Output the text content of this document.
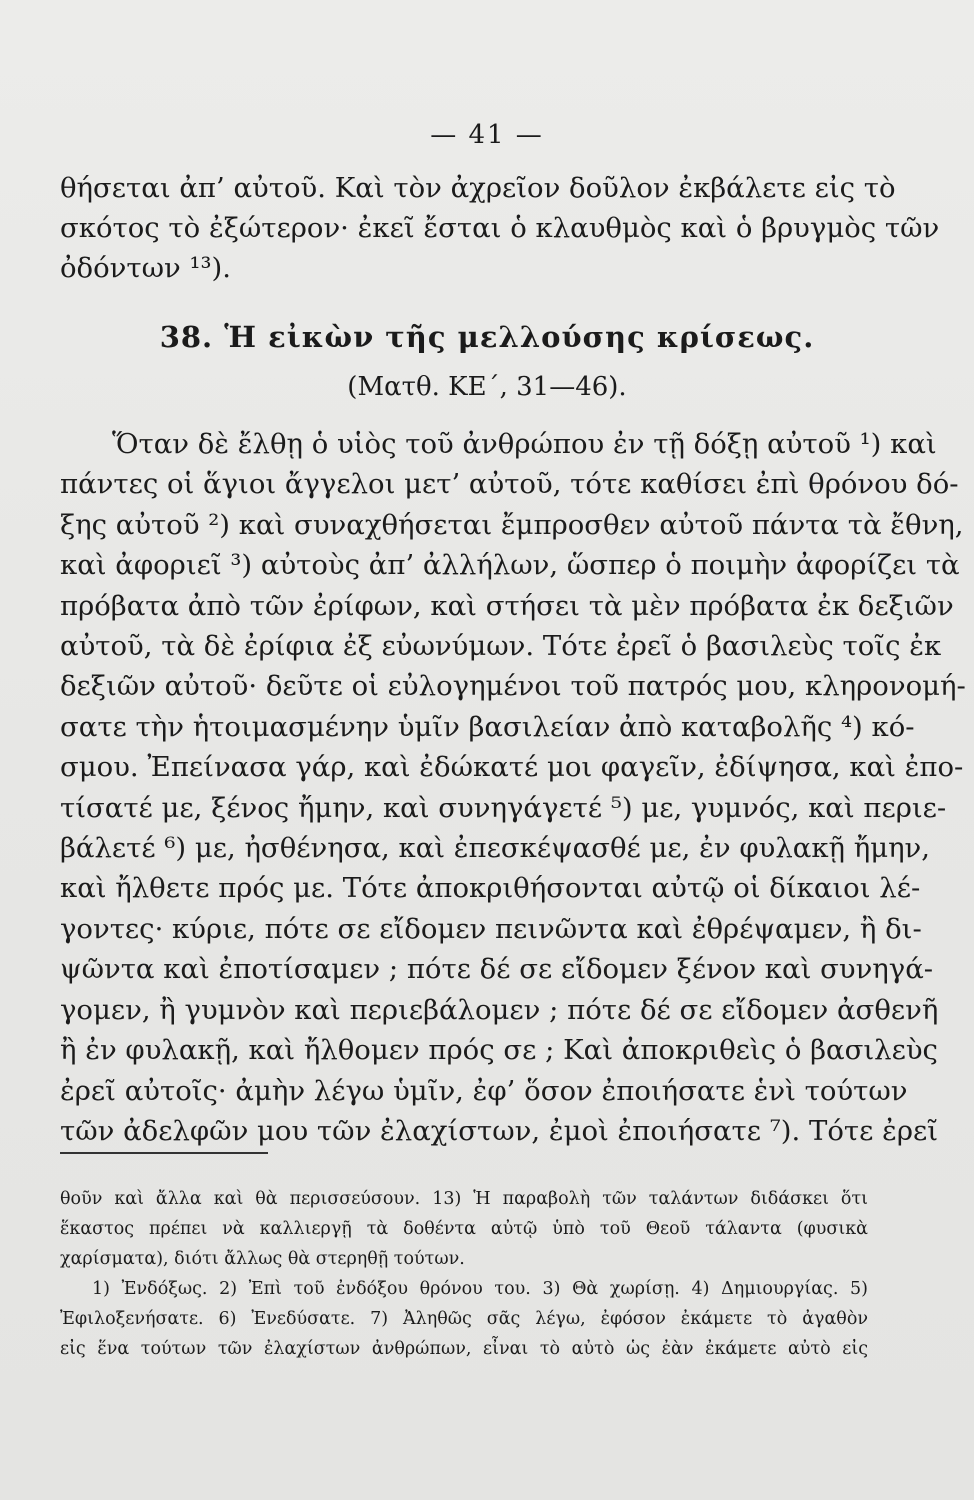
— 41 —
θήσεται ἀπ’ αὐτοῦ. Καὶ τὸν ἀχρεῖον δοῦλον ἐκβάλετε εἰς τὸ
σκότος τὸ ἐξώτερον· ἐκεῖ ἔσται ὁ κλαυθμὸς καὶ ὁ βρυγμὸς τῶν
ὀδόντων ¹³).
38. Ἡ εἰκὼν τῆς μελλούσης κρίσεως.
(Ματθ. ΚΕ΄, 31—46).
Ὅταν δὲ ἔλθῃ ὁ υἱὸς τοῦ ἀνθρώπου ἐν τῇ δόξῃ αὐτοῦ ¹) καὶ
πάντες οἱ ἅγιοι ἄγγελοι μετ’ αὐτοῦ, τότε καθίσει ἐπὶ θρόνου δό-
ξης αὐτοῦ ²) καὶ συναχθήσεται ἔμπροσθεν αὐτοῦ πάντα τὰ ἔθνη,
καὶ ἀφοριεῖ ³) αὐτοὺς ἀπ’ ἀλλήλων, ὥσπερ ὁ ποιμὴν ἀφορίζει τὰ
πρόβατα ἀπὸ τῶν ἐρίφων, καὶ στήσει τὰ μὲν πρόβατα ἐκ δεξιῶν
αὐτοῦ, τὰ δὲ ἐρίφια ἐξ εὐωνύμων. Τότε ἐρεῖ ὁ βασιλεὺς τοῖς ἐκ
δεξιῶν αὐτοῦ· δεῦτε οἱ εὐλογημένοι τοῦ πατρός μου, κληρονομή-
σατε τὴν ἡτοιμασμένην ὑμῖν βασιλείαν ἀπὸ καταβολῆς ⁴) κό-
σμου. Ἐπείνασα γάρ, καὶ ἐδώκατέ μοι φαγεῖν, ἐδίψησα, καὶ ἐπο-
τίσατέ με, ξένος ἤμην, καὶ συνηγάγετέ ⁵) με, γυμνός, καὶ περιε-
βάλετέ ⁶) με, ἠσθένησα, καὶ ἐπεσκέψασθέ με, ἐν φυλακῇ ἤμην,
καὶ ἤλθετε πρός με. Τότε ἀποκριθήσονται αὐτῷ οἱ δίκαιοι λέ-
γοντες· κύριε, πότε σε εἴδομεν πεινῶντα καὶ ἐθρέψαμεν, ἢ δι-
ψῶντα καὶ ἐποτίσαμεν ; πότε δέ σε εἴδομεν ξένον καὶ συνηγά-
γομεν, ἢ γυμνὸν καὶ περιεβάλομεν ; πότε δέ σε εἴδομεν ἀσθενῆ
ἢ ἐν φυλακῇ, καὶ ἤλθομεν πρός σε ; Καὶ ἀποκριθεὶς ὁ βασιλεὺς
ἐρεῖ αὐτοῖς· ἀμὴν λέγω ὑμῖν, ἐφ’ ὅσον ἐποιήσατε ἑνὶ τούτων
τῶν ἀδελφῶν μου τῶν ἐλαχίστων, ἐμοὶ ἐποιήσατε ⁷). Τότε ἐρεῖ
θοῦν καὶ ἄλλα καὶ θὰ περισσεύσουν. 13) Ἡ παραβολὴ τῶν ταλάντων διδάσκει ὅτι
ἕκαστος πρέπει νὰ καλλιεργῇ τὰ δοθέντα αὐτῷ ὑπὸ τοῦ Θεοῦ τάλαντα (φυσικὰ
χαρίσματα), διότι ἄλλως θὰ στερηθῇ τούτων.
1) Ἐνδόξως. 2) Ἐπὶ τοῦ ἐνδόξου θρόνου του. 3) Θὰ χωρίσῃ. 4) Δημιουργίας. 5)
Ἐφιλοξενήσατε. 6) Ἐνεδύσατε. 7) Ἀληθῶς σᾶς λέγω, ἐφόσον ἐκάμετε τὸ ἀγαθὸν
εἰς ἕνα τούτων τῶν ἐλαχίστων ἀνθρώπων, εἶναι τὸ αὐτὸ ὡς ἐὰν ἐκάμετε αὐτὸ εἰς
